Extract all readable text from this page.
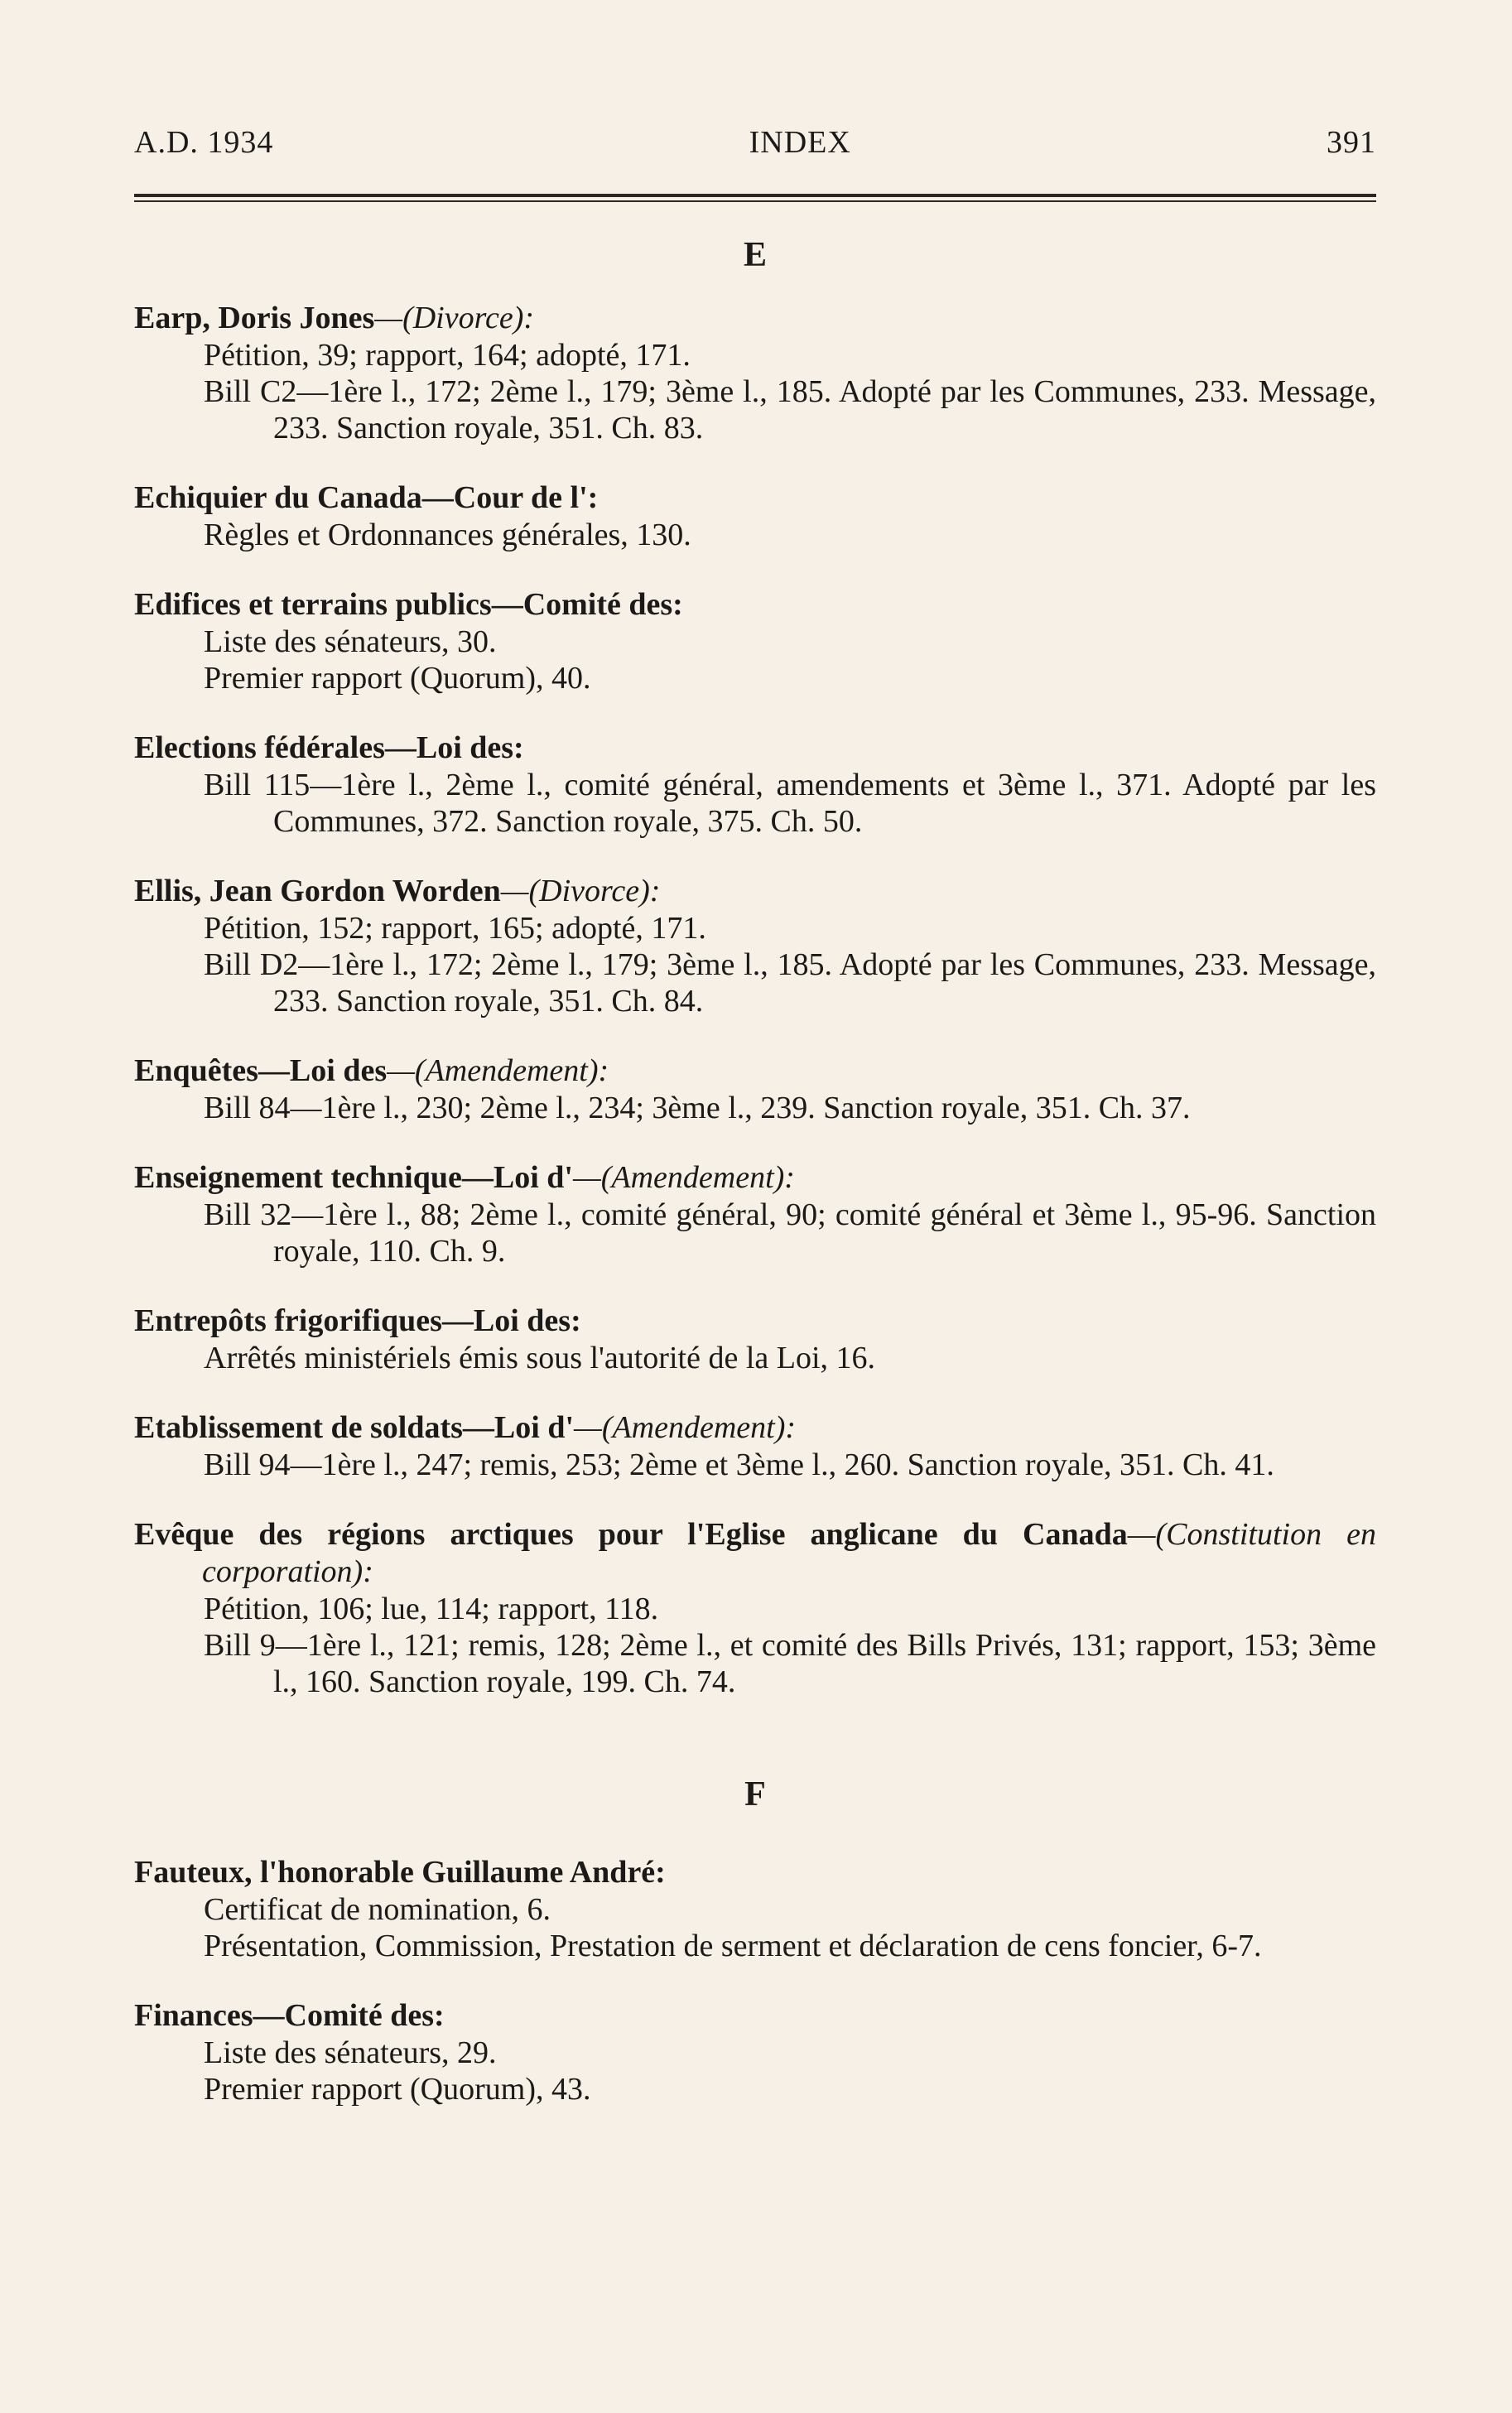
A.D. 1934	INDEX	391
E
Earp, Doris Jones—(Divorce):
Pétition, 39; rapport, 164; adopté, 171.
Bill C2—1ère l., 172; 2ème l., 179; 3ème l., 185. Adopté par les Communes, 233. Message, 233. Sanction royale, 351. Ch. 83.
Echiquier du Canada—Cour de l':
Règles et Ordonnances générales, 130.
Edifices et terrains publics—Comité des:
Liste des sénateurs, 30.
Premier rapport (Quorum), 40.
Elections fédérales—Loi des:
Bill 115—1ère l., 2ème l., comité général, amendements et 3ème l., 371. Adopté par les Communes, 372. Sanction royale, 375. Ch. 50.
Ellis, Jean Gordon Worden—(Divorce):
Pétition, 152; rapport, 165; adopté, 171.
Bill D2—1ère l., 172; 2ème l., 179; 3ème l., 185. Adopté par les Communes, 233. Message, 233. Sanction royale, 351. Ch. 84.
Enquêtes—Loi des—(Amendement):
Bill 84—1ère l., 230; 2ème l., 234; 3ème l., 239. Sanction royale, 351. Ch. 37.
Enseignement technique—Loi d'—(Amendement):
Bill 32—1ère l., 88; 2ème l., comité général, 90; comité général et 3ème l., 95-96. Sanction royale, 110. Ch. 9.
Entrepôts frigorifiques—Loi des:
Arrêtés ministériels émis sous l'autorité de la Loi, 16.
Etablissement de soldats—Loi d'—(Amendement):
Bill 94—1ère l., 247; remis, 253; 2ème et 3ème l., 260. Sanction royale, 351. Ch. 41.
Evêque des régions arctiques pour l'Eglise anglicane du Canada—(Constitution en corporation):
Pétition, 106; lue, 114; rapport, 118.
Bill 9—1ère l., 121; remis, 128; 2ème l., et comité des Bills Privés, 131; rapport, 153; 3ème l., 160. Sanction royale, 199. Ch. 74.
F
Fauteux, l'honorable Guillaume André:
Certificat de nomination, 6.
Présentation, Commission, Prestation de serment et déclaration de cens foncier, 6-7.
Finances—Comité des:
Liste des sénateurs, 29.
Premier rapport (Quorum), 43.
